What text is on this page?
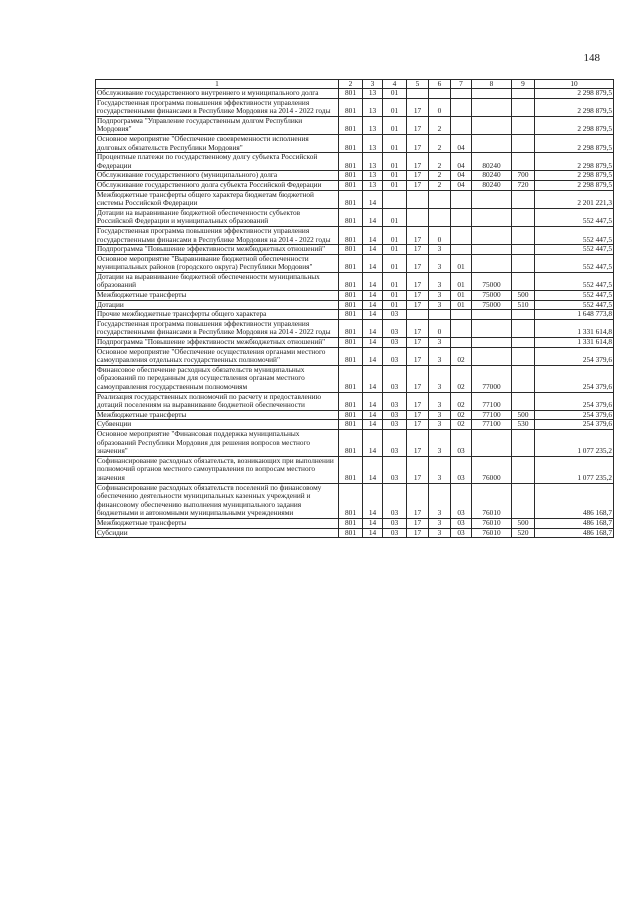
148
1	2	3	4	5	6	7	8	9	10
Обслуживание государственного внутреннего и муниципального долга	801	13	01						2 298 879,5
Государственная программа повышения эффективности управления государственными финансами в Республике Мордовия на 2014 - 2022 годы	801	13	01	17	0				2 298 879,5
Подпрограмма "Управление государственным долгом Республики Мордовия"	801	13	01	17	2				2 298 879,5
Основное мероприятие "Обеспечение своевременности исполнения долговых обязательств Республики Мордовия"	801	13	01	17	2	04			2 298 879,5
Процентные платежи по государственному долгу субъекта Российской Федерации	801	13	01	17	2	04	80240		2 298 879,5
Обслуживание государственного (муниципального) долга	801	13	01	17	2	04	80240	700	2 298 879,5
Обслуживание государственного долга субъекта Российской Федерации	801	13	01	17	2	04	80240	720	2 298 879,5
Межбюджетные трансферты общего характера бюджетам бюджетной системы Российской Федерации	801	14							2 201 221,3
Дотации на выравнивание бюджетной обеспеченности субъектов Российской Федерации и муниципальных образований	801	14	01						552 447,5
Государственная программа повышения эффективности управления государственными финансами в Республике Мордовия на 2014 - 2022 годы	801	14	01	17	0				552 447,5
Подпрограмма "Повышение эффективности межбюджетных отношений"	801	14	01	17	3				552 447,5
Основное мероприятие "Выравнивание бюджетной обеспеченности муниципальных районов (городского округа) Республики Мордовия"	801	14	01	17	3	01			552 447,5
Дотации на выравнивание бюджетной обеспеченности муниципальных образований	801	14	01	17	3	01	75000		552 447,5
Межбюджетные трансферты	801	14	01	17	3	01	75000	500	552 447,5
Дотации	801	14	01	17	3	01	75000	510	552 447,5
Прочие межбюджетные трансферты общего характера	801	14	03						1 648 773,8
Государственная программа повышения эффективности управления государственными финансами в Республике Мордовия на 2014 - 2022 годы	801	14	03	17	0				1 331 614,8
Подпрограмма "Повышение эффективности межбюджетных отношений"	801	14	03	17	3				1 331 614,8
Основное мероприятие "Обеспечение осуществления органами местного самоуправления отдельных государственных полномочий"	801	14	03	17	3	02			254 379,6
Финансовое обеспечение расходных обязательств муниципальных образований по переданным для осуществления органам местного самоуправления государственным полномочиям	801	14	03	17	3	02	77000		254 379,6
Реализация государственных полномочий по расчету и предоставлению дотаций поселениям на выравнивание бюджетной обеспеченности	801	14	03	17	3	02	77100		254 379,6
Межбюджетные трансферты	801	14	03	17	3	02	77100	500	254 379,6
Субвенции	801	14	03	17	3	02	77100	530	254 379,6
Основное мероприятие "Финансовая поддержка муниципальных образований Республики Мордовия для решения вопросов местного значения"	801	14	03	17	3	03			1 077 235,2
Софинансирование расходных обязательств, возникающих при выполнении полномочий органов местного самоуправления по вопросам местного значения	801	14	03	17	3	03	76000		1 077 235,2
Софинансирование расходных обязательств поселений по финансовому обеспечению деятельности муниципальных казенных учреждений и финансовому обеспечению выполнения муниципального задания бюджетными и автономными муниципальными учреждениями	801	14	03	17	3	03	76010		486 168,7
Межбюджетные трансферты	801	14	03	17	3	03	76010	500	486 168,7
Субсидии	801	14	03	17	3	03	76010	520	486 168,7
